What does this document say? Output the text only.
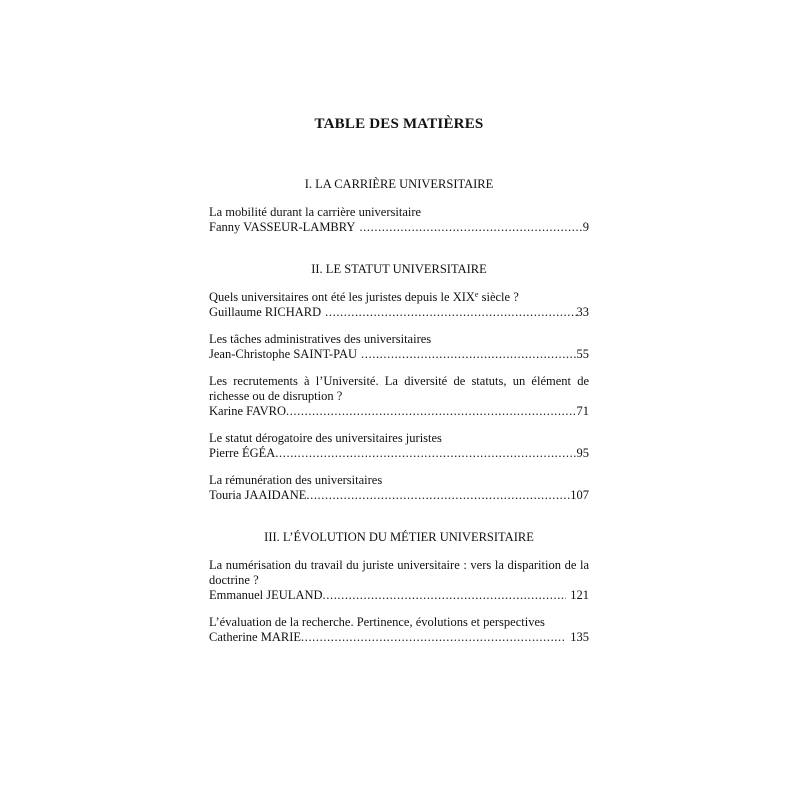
TABLE DES MATIÈRES
I. LA CARRIÈRE UNIVERSITAIRE
La mobilité durant la carrière universitaire
Fanny VASSEUR-LAMBRY .....	9
II. LE STATUT UNIVERSITAIRE
Quels universitaires ont été les juristes depuis le XIXe siècle ?
Guillaume RICHARD .....	33
Les tâches administratives des universitaires
Jean-Christophe SAINT-PAU .....	55
Les recrutements à l’Université. La diversité de statuts, un élément de richesse ou de disruption ?
Karine FAVRO .....	71
Le statut dérogatoire des universitaires juristes
Pierre ÉGÉA .....	95
La rémunération des universitaires
Touria JAAIDANE .....	107
III. L’ÉVOLUTION DU MÉTIER UNIVERSITAIRE
La numérisation du travail du juriste universitaire : vers la disparition de la doctrine ?
Emmanuel JEULAND .....	121
L’évaluation de la recherche. Pertinence, évolutions et perspectives
Catherine MARIE .....	135
